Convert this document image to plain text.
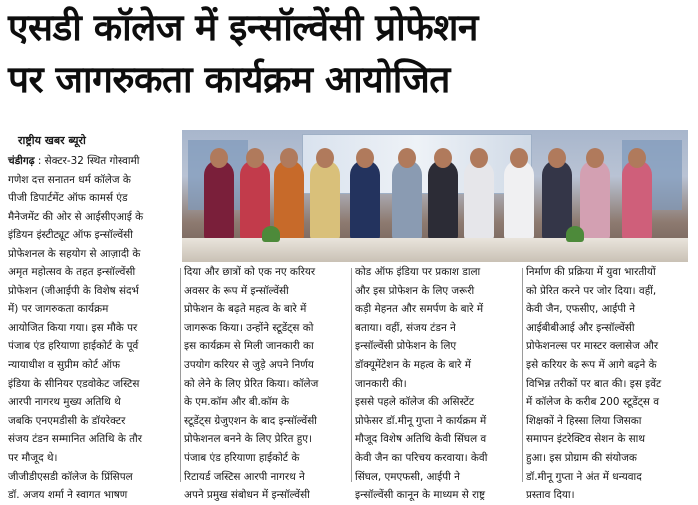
एसडी कॉलेज में इन्सॉल्वेंसी प्रोफेशन
पर जागरुकता कार्यक्रम आयोजित
राष्ट्रीय खबर ब्यूरो
चंडीगढ़ : सेक्टर-32 स्थित गोस्वामी
गणेश दत्त सनातन धर्म कॉलेज के
पीजी डिपार्टमेंट ऑफ कामर्स एंड
मैनेजमेंट की ओर से आईसीएआई के
इंडियन इंस्टीट्यूट ऑफ इन्सॉल्वेंसी
प्रोफेशनल के सहयोग से आज़ादी के
अमृत महोत्सव के तहत इन्सॉल्वेंसी
प्रोफेशन (जीआईपी के विशेष संदर्भ
में) पर जागरुकता कार्यक्रम
आयोजित किया गया। इस मौके पर
पंजाब एंड हरियाणा हाईकोर्ट के पूर्व
न्यायाधीश व सुप्रीम कोर्ट ऑफ
इंडिया के सीनियर एडवोकेट जस्टिस
आरपी नागरथ मुख्य अतिथि थे
जबकि एनएमडीसी के डॉयरेक्टर
संजय टंडन सम्मानित अतिथि के तौर
पर मौजूद थे।
जीजीडीएसडी कॉलेज के प्रिंसिपल
डॉ. अजय शर्मा ने स्वागत भाषण
दिया और छात्रों को एक नए करियर
अवसर के रूप में इन्सॉल्वेंसी
प्रोफेशन के बढ़ते महत्व के बारे में
जागरूक किया। उन्होंने स्टूडेंट्स को
इस कार्यक्रम से मिली जानकारी का
उपयोग करियर से जुड़े अपने निर्णय
को लेने के लिए प्रेरित किया। कॉलेज
के एम.कॉम और बी.कॉम के
स्टूडेंट्स ग्रेजुएशन के बाद इन्सॉल्वेंसी
प्रोफेशनल बनने के लिए प्रेरित हुए।
पंजाब एंड हरियाणा हाईकोर्ट के
रिटायर्ड जस्टिस आरपी नागरथ ने
अपने प्रमुख संबोधन में इन्सॉल्वेंसी
कोड ऑफ इंडिया पर प्रकाश डाला
और इस प्रोफेशन के लिए जरूरी
कड़ी मेहनत और समर्पण के बारे में
बताया। वहीं, संजय टंडन ने
इन्सॉल्वेंसी प्रोफेशन के लिए
डॉक्यूमेंटेशन के महत्व के बारे में
जानकारी की।
इससे पहले कॉलेज की असिस्टेंट
प्रोफेसर डॉ.मीनू गुप्ता ने कार्यक्रम में
मौजूद विशेष अतिथि केवी सिंघल व
केवी जैन का परिचय करवाया। केवी
सिंघल, एमएफसी, आईपी ने
इन्सॉल्वेंसी कानून के माध्यम से राष्ट्र
निर्माण की प्रक्रिया में युवा भारतीयों
को प्रेरित करने पर जोर दिया। वहीं,
केवी जैन, एफसीए, आईपी ने
आईबीबीआई और इन्सॉल्वेंसी
प्रोफेशनल्स पर मास्टर क्लासेज और
इसे करियर के रूप में आगे बढ़ने के
विभिन्न तरीकों पर बात की। इस इवेंट
में कॉलेज के करीब 200 स्टूडेंट्स व
शिक्षकों ने हिस्सा लिया जिसका
समापन इंटरेक्टिव सेशन के साथ
हुआ। इस प्रोग्राम की संयोजक
डॉ.मीनू गुप्ता ने अंत में धन्यवाद
प्रस्ताव दिया।
